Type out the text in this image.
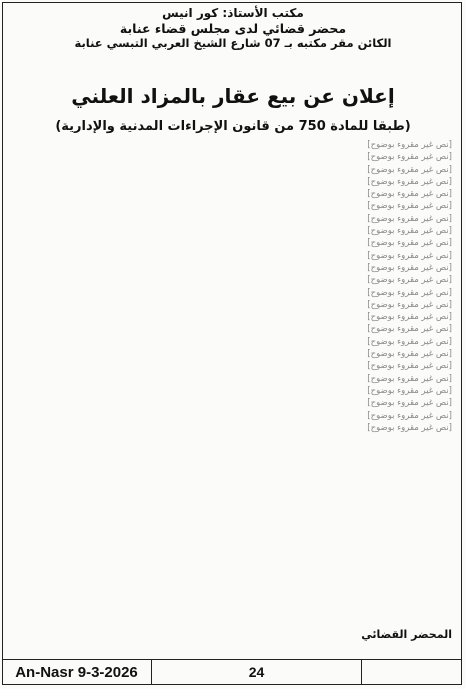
مكتب الأستاذ: كور انيس
محضر قضائي لدى مجلس قضاء عنابة
الكائن مقر مكتبه بـ 07 شارع الشيخ العربي التبسي عنابة
إعلان عن بيع عقار بالمزاد العلني
(طبقا للمادة 750 من قانون الإجراءات المدنية والإدارية)

[نص غير مقروء بوضوح]

[نص غير مقروء بوضوح]

[نص غير مقروء بوضوح]

[نص غير مقروء بوضوح]

[نص غير مقروء بوضوح]

[نص غير مقروء بوضوح]

[نص غير مقروء بوضوح]

[نص غير مقروء بوضوح]

[نص غير مقروء بوضوح]

[نص غير مقروء بوضوح]

[نص غير مقروء بوضوح]

[نص غير مقروء بوضوح]

[نص غير مقروء بوضوح]

[نص غير مقروء بوضوح]

[نص غير مقروء بوضوح]

[نص غير مقروء بوضوح]

[نص غير مقروء بوضوح]

[نص غير مقروء بوضوح]

[نص غير مقروء بوضوح]

[نص غير مقروء بوضوح]

[نص غير مقروء بوضوح]

[نص غير مقروء بوضوح]

[نص غير مقروء بوضوح]

[نص غير مقروء بوضوح]

المحضر القضائي
An-Nasr 9-3-2026	24
